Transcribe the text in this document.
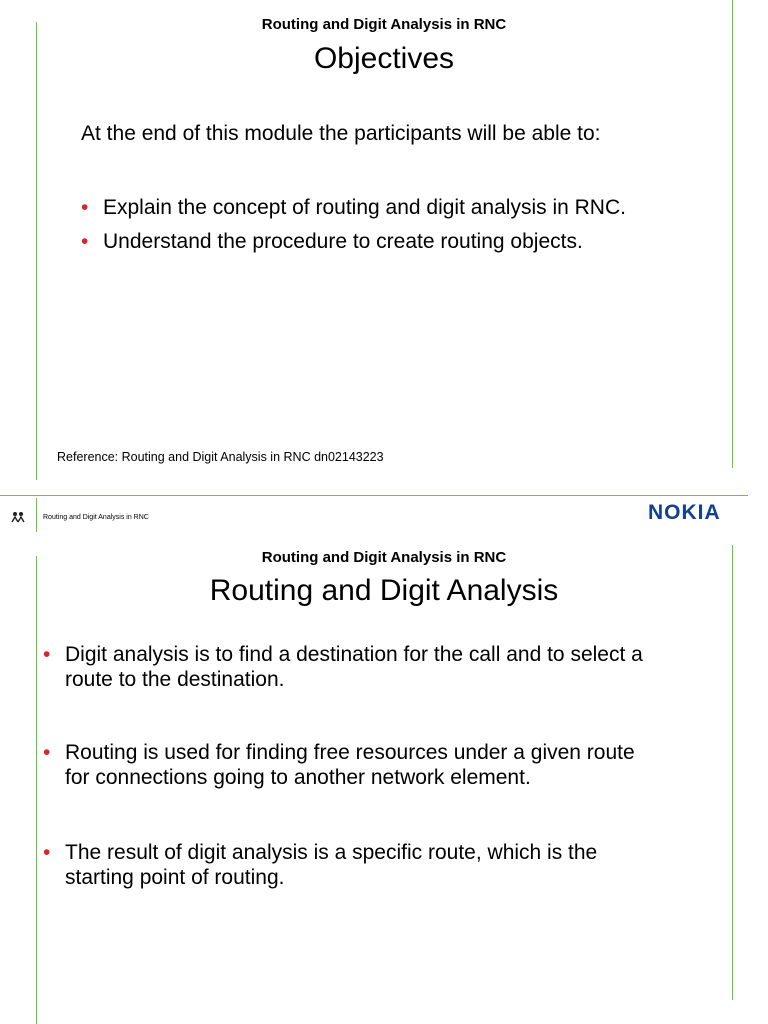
Routing and Digit Analysis in RNC
Objectives
At the end of this module the participants will be able to:
• Explain the concept of routing and digit analysis in RNC.
• Understand the procedure to create routing objects.
Reference: Routing and Digit Analysis in RNC dn02143223
Routing and Digit Analysis in RNC	NOKIA
Routing and Digit Analysis in RNC
Routing and Digit Analysis
• Digit analysis is to find a destination for the call and to select a
route to the destination.
• Routing is used for finding free resources under a given route
for connections going to another network element.
• The result of digit analysis is a specific route, which is the
starting point of routing.
